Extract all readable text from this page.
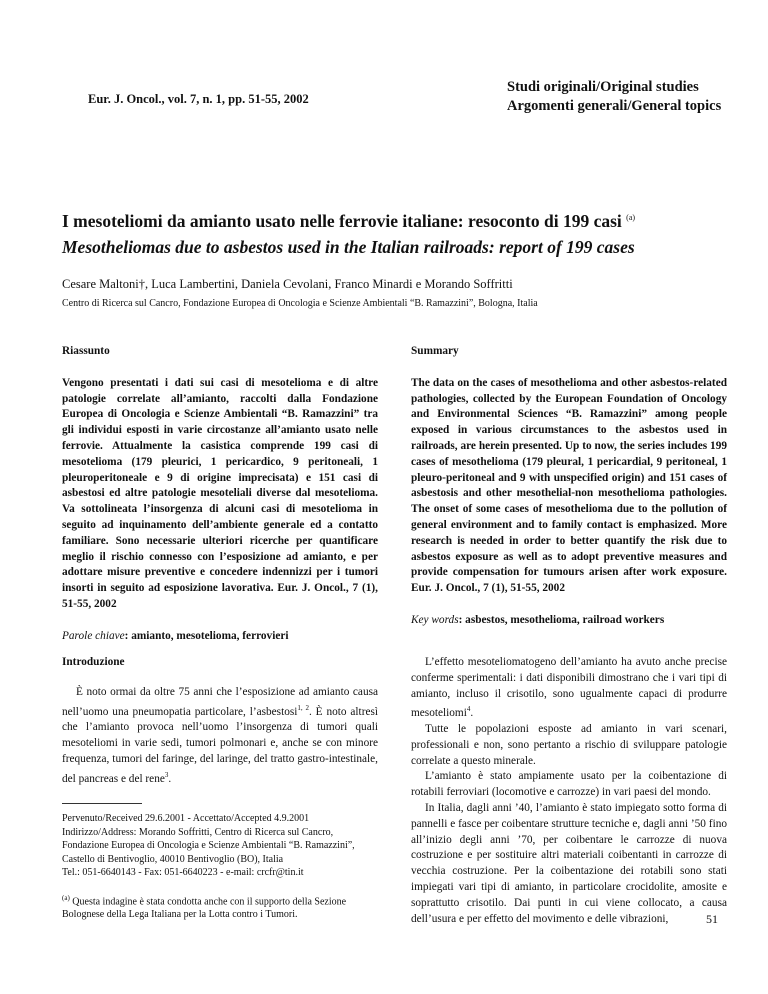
Eur. J. Oncol., vol. 7, n. 1, pp. 51-55, 2002
Studi originali/Original studies
Argomenti generali/General topics
I mesoteliomi da amianto usato nelle ferrovie italiane: resoconto di 199 casi $^{(a)}$
Mesotheliomas due to asbestos used in the Italian railroads: report of 199 cases
Cesare Maltoni†, Luca Lambertini, Daniela Cevolani, Franco Minardi e Morando Soffritti
Centro di Ricerca sul Cancro, Fondazione Europea di Oncologia e Scienze Ambientali “B. Ramazzini”, Bologna, Italia

Riassunto

Vengono presentati i dati sui casi di mesotelioma e di altre patologie correlate all’amianto, raccolti dalla Fondazione Europea di Oncologia e Scienze Ambientali “B. Ramazzini” tra gli individui esposti in varie circostanze all’amianto usato nelle ferrovie. Attualmente la casistica comprende 199 casi di mesotelioma (179 pleurici, 1 pericardico, 9 peritoneali, 1 pleuroperitoneale e 9 di origine imprecisata) e 151 casi di asbestosi ed altre patologie mesoteliali diverse dal mesotelioma. Va sottolineata l’insorgenza di alcuni casi di mesotelioma in seguito ad inquinamento dell’ambiente generale ed a contatto familiare. Sono necessarie ulteriori ricerche per quantificare meglio il rischio connesso con l’esposizione ad amianto, e per adottare misure preventive e concedere indennizzi per i tumori insorti in seguito ad esposizione lavorativa. Eur. J. Oncol., 7 (1), 51-55, 2002

Parole chiave: amianto, mesotelioma, ferrovieri

Summary

The data on the cases of mesothelioma and other asbestos-related pathologies, collected by the European Foundation of Oncology and Environmental Sciences “B. Ramazzini” among people exposed in various circumstances to the asbestos used in railroads, are herein presented. Up to now, the series includes 199 cases of mesothelioma (179 pleural, 1 pericardial, 9 peritoneal, 1 pleuro-peritoneal and 9 with unspecified origin) and 151 cases of asbestosis and other mesothelial-non mesothelioma pathologies. The onset of some cases of mesothelioma due to the pollution of general environment and to family contact is emphasized. More research is needed in order to better quantify the risk due to asbestos exposure as well as to adopt preventive measures and provide compensation for tumours arisen after work exposure. Eur. J. Oncol., 7 (1), 51-55, 2002

Key words: asbestos, mesothelioma, railroad workers

Introduzione

È noto ormai da oltre 75 anni che l’esposizione ad amianto causa nell’uomo una pneumopatia particolare, l’asbestosi$^{1, 2}$. È noto altresì che l’amianto provoca nell’uomo l’insorgenza di tumori quali mesoteliomi in varie sedi, tumori polmonari e, anche se con minore frequenza, tumori del faringe, del laringe, del tratto gastro-intestinale, del pancreas e del rene$^3$.

Pervenuto/Received 29.6.2001 - Accettato/Accepted 4.9.2001

Indirizzo/Address: Morando Soffritti, Centro di Ricerca sul Cancro, Fondazione Europea di Oncologia e Scienze Ambientali “B. Ramazzini”, Castello di Bentivoglio, 40010 Bentivoglio (BO), Italia

Tel.: 051-6640143 - Fax: 051-6640223 - e-mail: crcfr@tin.it

$^{(a)}$ Questa indagine è stata condotta anche con il supporto della Sezione Bolognese della Lega Italiana per la Lotta contro i Tumori.

L’effetto mesoteliomatogeno dell’amianto ha avuto anche precise conferme sperimentali: i dati disponibili dimostrano che i vari tipi di amianto, incluso il crisotilo, sono ugualmente capaci di produrre mesoteliomi$^4$.

Tutte le popolazioni esposte ad amianto in vari scenari, professionali e non, sono pertanto a rischio di sviluppare patologie correlate a questo minerale.

L’amianto è stato ampiamente usato per la coibentazione di rotabili ferroviari (locomotive e carrozze) in vari paesi del mondo.

In Italia, dagli anni ’40, l’amianto è stato impiegato sotto forma di pannelli e fasce per coibentare strutture tecniche e, dagli anni ’50 fino all’inizio degli anni ’70, per coibentare le carrozze di nuova costruzione e per sostituire altri materiali coibentanti in carrozze di vecchia costruzione. Per la coibentazione dei rotabili sono stati impiegati vari tipi di amianto, in particolare crocidolite, amosite e soprattutto crisotilo. Dai punti in cui viene collocato, a causa dell’usura e per effetto del movimento e delle vibrazioni,	51
